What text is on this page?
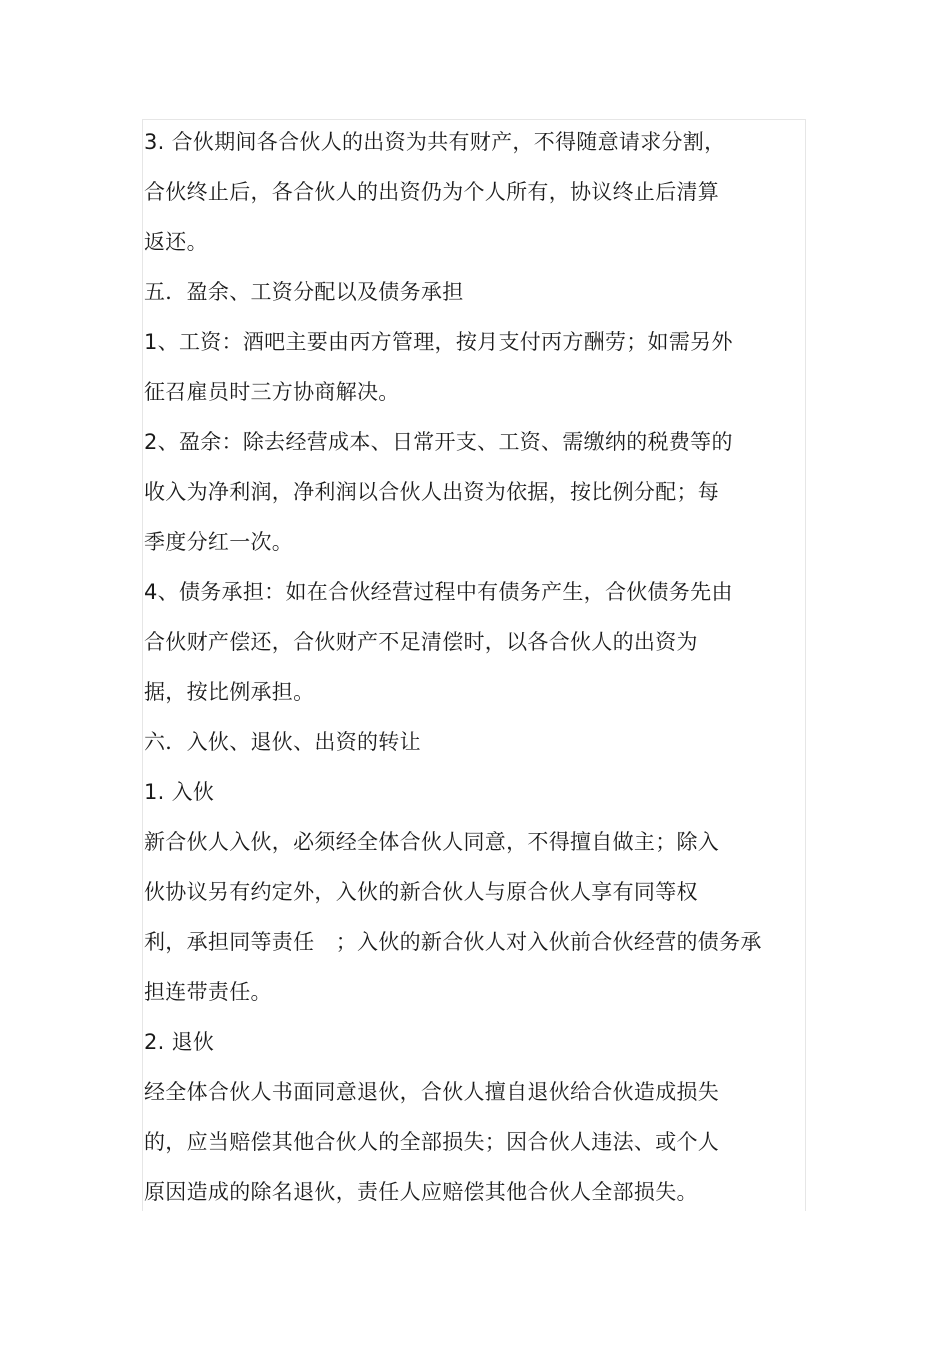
3. 合伙期间各合伙人的出资为共有财产，不得随意请求分割，
合伙终止后，各合伙人的出资仍为个人所有，协议终止后清算
返还。
五．盈余、工资分配以及债务承担
1、工资：酒吧主要由丙方管理，按月支付丙方酬劳；如需另外
征召雇员时三方协商解决。
2、盈余：除去经营成本、日常开支、工资、需缴纳的税费等的
收入为净利润，净利润以合伙人出资为依据，按比例分配；每
季度分红一次。
4、债务承担：如在合伙经营过程中有债务产生，合伙债务先由
合伙财产偿还，合伙财产不足清偿时，以各合伙人的出资为
据，按比例承担。
六．入伙、退伙、出资的转让
1. 入伙
新合伙人入伙，必须经全体合伙人同意，不得擅自做主；除入
伙协议另有约定外，入伙的新合伙人与原合伙人享有同等权
利，承担同等责任　；入伙的新合伙人对入伙前合伙经营的债务承
担连带责任。
2. 退伙
经全体合伙人书面同意退伙，合伙人擅自退伙给合伙造成损失
的，应当赔偿其他合伙人的全部损失；因合伙人违法、或个人
原因造成的除名退伙，责任人应赔偿其他合伙人全部损失。
